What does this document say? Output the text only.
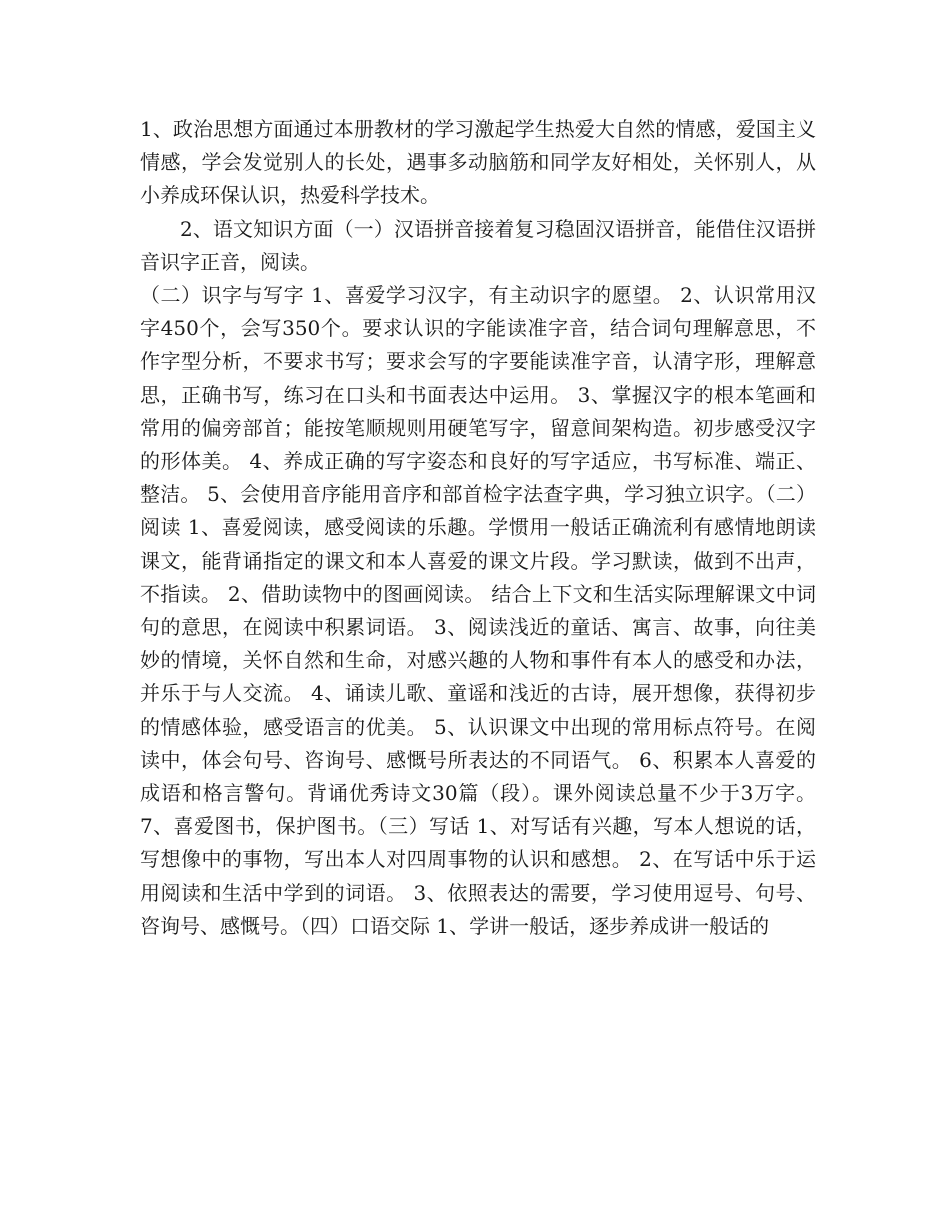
1、政治思想方面通过本册教材的学习激起学生热爱大自然的情感，爱国主义情感，学会发觉别人的长处，遇事多动脑筋和同学友好相处，关怀别人，从小养成环保认识，热爱科学技术。

2、语文知识方面（一）汉语拼音接着复习稳固汉语拼音，能借住汉语拼音识字正音，阅读。

（二）识字与写字 1、喜爱学习汉字，有主动识字的愿望。 2、认识常用汉字450个，会写350个。要求认识的字能读准字音，结合词句理解意思，不作字型分析，不要求书写；要求会写的字要能读准字音，认清字形，理解意思，正确书写，练习在口头和书面表达中运用。 3、掌握汉字的根本笔画和常用的偏旁部首；能按笔顺规则用硬笔写字，留意间架构造。初步感受汉字的形体美。 4、养成正确的写字姿态和良好的写字适应，书写标准、端正、整洁。 5、会使用音序能用音序和部首检字法查字典，学习独立识字。（二）阅读 1、喜爱阅读，感受阅读的乐趣。学惯用一般话正确流利有感情地朗读课文，能背诵指定的课文和本人喜爱的课文片段。学习默读，做到不出声，不指读。 2、借助读物中的图画阅读。 结合上下文和生活实际理解课文中词句的意思，在阅读中积累词语。 3、阅读浅近的童话、寓言、故事，向往美妙的情境，关怀自然和生命，对感兴趣的人物和事件有本人的感受和办法，并乐于与人交流。 4、诵读儿歌、童谣和浅近的古诗，展开想像，获得初步的情感体验，感受语言的优美。 5、认识课文中出现的常用标点符号。在阅读中，体会句号、咨询号、感慨号所表达的不同语气。 6、积累本人喜爱的成语和格言警句。背诵优秀诗文30篇（段）。课外阅读总量不少于3万字。 7、喜爱图书，保护图书。（三）写话 1、对写话有兴趣，写本人想说的话，写想像中的事物，写出本人对四周事物的认识和感想。 2、在写话中乐于运用阅读和生活中学到的词语。 3、依照表达的需要，学习使用逗号、句号、咨询号、感慨号。（四）口语交际 1、学讲一般话，逐步养成讲一般话的
